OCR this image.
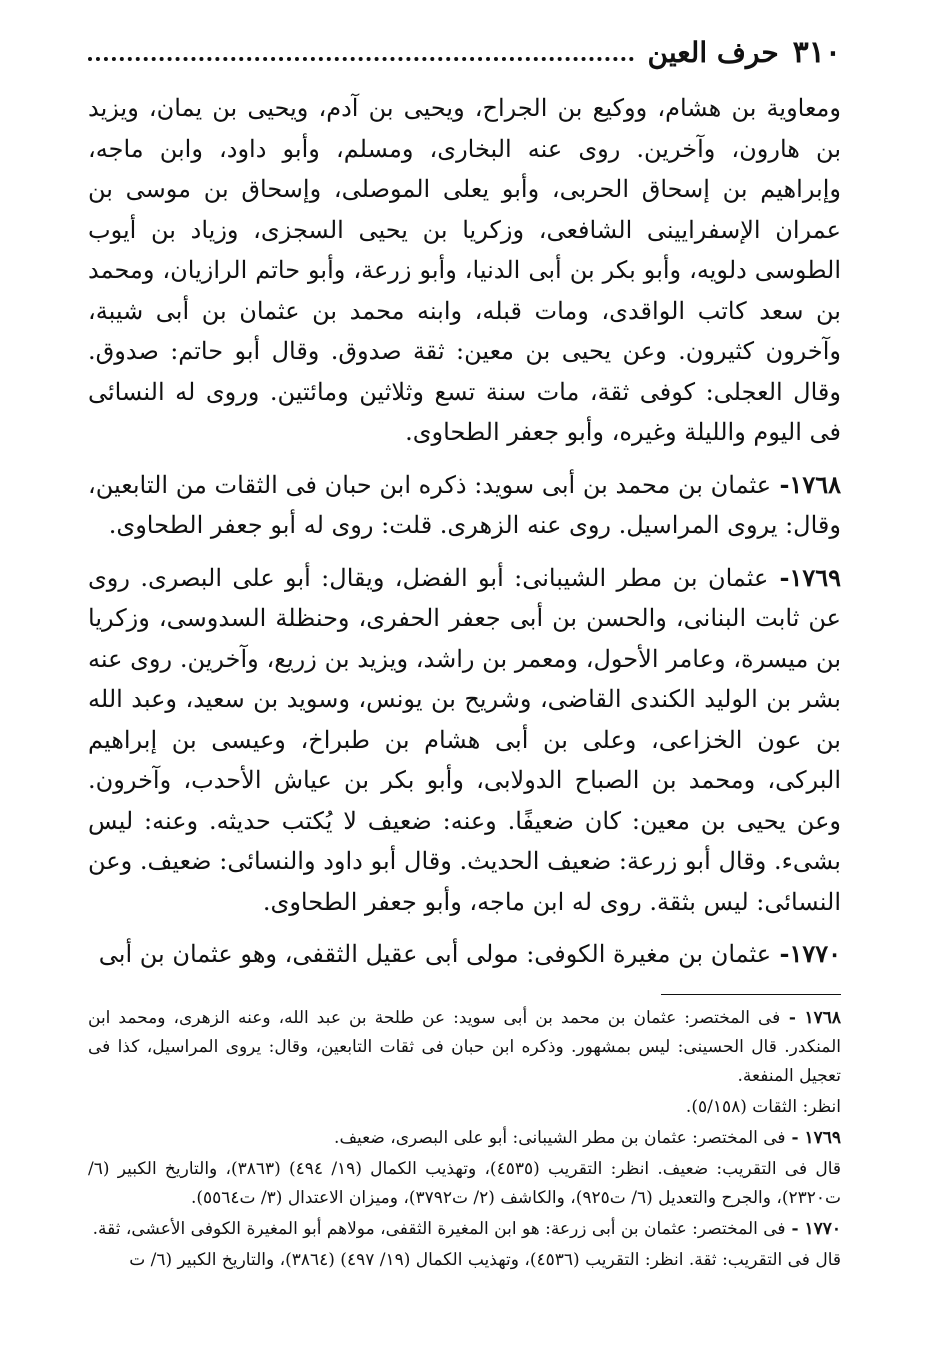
٣١٠
حرف العين

ومعاوية بن هشام، ووكيع بن الجراح، ويحيى بن آدم، ويحيى بن يمان، ويزيد بن هارون، وآخرين. روى عنه البخارى، ومسلم، وأبو داود، وابن ماجه، وإبراهيم بن إسحاق الحربى، وأبو يعلى الموصلى، وإسحاق بن موسى بن عمران الإسفرايينى الشافعى، وزكريا بن يحيى السجزى، وزياد بن أيوب الطوسى دلويه، وأبو بكر بن أبى الدنيا، وأبو زرعة، وأبو حاتم الرازيان، ومحمد بن سعد كاتب الواقدى، ومات قبله، وابنه محمد بن عثمان بن أبى شيبة، وآخرون كثيرون. وعن يحيى بن معين: ثقة صدوق. وقال أبو حاتم: صدوق. وقال العجلى: كوفى ثقة، مات سنة تسع وثلاثين ومائتين. وروى له النسائى فى اليوم والليلة وغيره، وأبو جعفر الطحاوى.

١٧٦٨- عثمان بن محمد بن أبى سويد: ذكره ابن حبان فى الثقات من التابعين، وقال: يروى المراسيل. روى عنه الزهرى. قلت: روى له أبو جعفر الطحاوى.

١٧٦٩- عثمان بن مطر الشيبانى: أبو الفضل، ويقال: أبو على البصرى. روى عن ثابت البنانى، والحسن بن أبى جعفر الحفرى، وحنظلة السدوسى، وزكريا بن ميسرة، وعامر الأحول، ومعمر بن راشد، ويزيد بن زريع، وآخرين. روى عنه بشر بن الوليد الكندى القاضى، وشريح بن يونس، وسويد بن سعيد، وعبد الله بن عون الخزاعى، وعلى بن أبى هشام بن طبراخ، وعيسى بن إبراهيم البركى، ومحمد بن الصباح الدولابى، وأبو بكر بن عياش الأحدب، وآخرون. وعن يحيى بن معين: كان ضعيفًا. وعنه: ضعيف لا يُكتب حديثه. وعنه: ليس بشىء. وقال أبو زرعة: ضعيف الحديث. وقال أبو داود والنسائى: ضعيف. وعن النسائى: ليس بثقة. روى له ابن ماجه، وأبو جعفر الطحاوى.

١٧٧٠- عثمان بن مغيرة الكوفى: مولى أبى عقيل الثقفى، وهو عثمان بن أبى

١٧٦٨ - فى المختصر: عثمان بن محمد بن أبى سويد: عن طلحة بن عبد الله، وعنه الزهرى، ومحمد ابن المنكدر. قال الحسينى: ليس بمشهور. وذكره ابن حبان فى ثقات التابعين، وقال: يروى المراسيل، كذا فى تعجيل المنفعة.

انظر: الثقات (٥/١٥٨).

١٧٦٩ - فى المختصر: عثمان بن مطر الشيبانى: أبو على البصرى، ضعيف.

قال فى التقريب: ضعيف. انظر: التقريب (٤٥٣٥)، وتهذيب الكمال (١٩/ ٤٩٤) (٣٨٦٣)، والتاريخ الكبير (٦/ ت٢٣٢٠)، والجرح والتعديل (٦/ ت٩٢٥)، والكاشف (٢/ ت٣٧٩٢)، وميزان الاعتدال (٣/ ت٥٥٦٤).

١٧٧٠ - فى المختصر: عثمان بن أبى زرعة: هو ابن المغيرة الثقفى، مولاهم أبو المغيرة الكوفى الأعشى، ثقة.

قال فى التقريب: ثقة. انظر: التقريب (٤٥٣٦)، وتهذيب الكمال (١٩/ ٤٩٧) (٣٨٦٤)، والتاريخ الكبير (٦/ ت
